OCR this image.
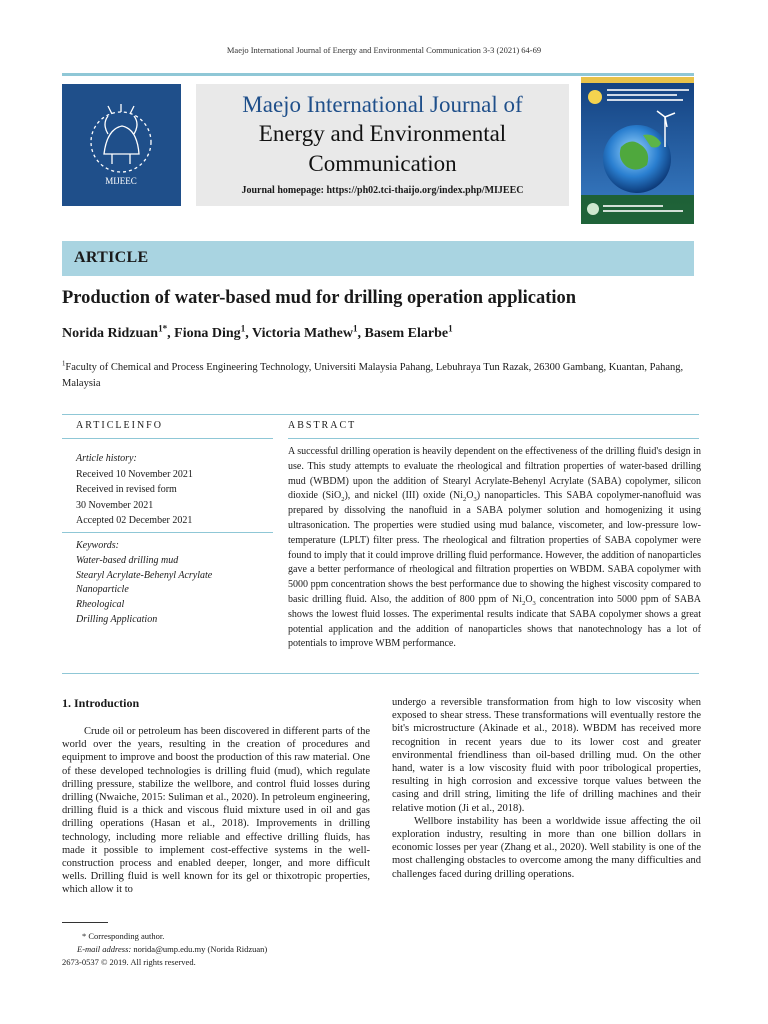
Maejo International Journal of Energy and Environmental Communication 3-3 (2021) 64-69
MIJEEC
Maejo International Journal of
Energy and Environmental
Communication
Journal homepage: https://ph02.tci-thaijo.org/index.php/MIJEEC
ARTICLE
Production of water-based mud for drilling operation application
Norida Ridzuan$^{1*}$, Fiona Ding$^1$, Victoria Mathew$^1$, Basem Elarbe$^1$
$^1$Faculty of Chemical and Process Engineering Technology, Universiti Malaysia Pahang, Lebuhraya Tun Razak, 26300 Gambang, Kuantan, Pahang, Malaysia
ARTICLEINFO	ABSTRACT
Article history:
Received 10 November 2021
Received in revised form
30 November 2021
Accepted 02 December 2021
Keywords:
Water-based drilling mud
Stearyl Acrylate-Behenyl Acrylate
Nanoparticle
Rheological
Drilling Application
A successful drilling operation is heavily dependent on the effectiveness of the drilling fluid's design in use. This study attempts to evaluate the rheological and filtration properties of water-based drilling mud (WBDM) upon the addition of Stearyl Acrylate-Behenyl Acrylate (SABA) copolymer, silicon dioxide (SiO$_2$), and nickel (III) oxide $(Ni_2O_3)$ nanoparticles. This SABA copolymer-nanofluid was prepared by dissolving the nanofluid in a SABA polymer solution and homogenizing it using ultrasonication. The properties were studied using mud balance, viscometer, and low-pressure low-temperature (LPLT) filter press. The rheological and filtration properties of SABA copolymer were found to imply that it could improve drilling fluid performance. However, the addition of nanoparticles gave a better performance of rheological and filtration properties on WBDM. SABA copolymer with 5000 ppm concentration shows the best performance due to showing the highest viscosity compared to basic drilling fluid. Also, the addition of 800 ppm of $Ni_2O_3$ concentration into 5000 ppm of SABA shows the lowest fluid losses. The experimental results indicate that SABA copolymer shows a great potential application and the addition of nanoparticles shows that nanotechnology has a lot of potentials to improve WBM performance.
1. Introduction

Crude oil or petroleum has been discovered in different parts of the world over the years, resulting in the creation of procedures and equipment to improve and boost the production of this raw material. One of these developed technologies is drilling fluid (mud), which regulate drilling pressure, stabilize the wellbore, and control fluid losses during drilling (Nwaiche, 2015: Suliman et al., 2020). In petroleum engineering, drilling fluid is a thick and viscous fluid mixture used in oil and gas drilling operations (Hasan et al., 2018). Improvements in drilling technology, including more reliable and effective drilling fluids, has made it possible to implement cost-effective systems in the well-construction process and enabled deeper, longer, and more difficult wells. Drilling fluid is well known for its gel or thixotropic properties, which allow it to

undergo a reversible transformation from high to low viscosity when exposed to shear stress. These transformations will eventually restore the bit's microstructure (Akinade et al., 2018). WBDM has received more recognition in recent years due to its lower cost and greater environmental friendliness than oil-based drilling mud. On the other hand, water is a low viscosity fluid with poor tribological properties, resulting in high corrosion and excessive torque values between the casing and drill string, limiting the life of drilling machines and their relative motion (Ji et al., 2018).

Wellbore instability has been a worldwide issue affecting the oil exploration industry, resulting in more than one billion dollars in economic losses per year (Zhang et al., 2020). Well stability is one of the most challenging obstacles to overcome among the many difficulties and challenges faced during drilling operations.

* Corresponding author.
E-mail address: norida@ump.edu.my (Norida Ridzuan)
2673-0537 © 2019. All rights reserved.
